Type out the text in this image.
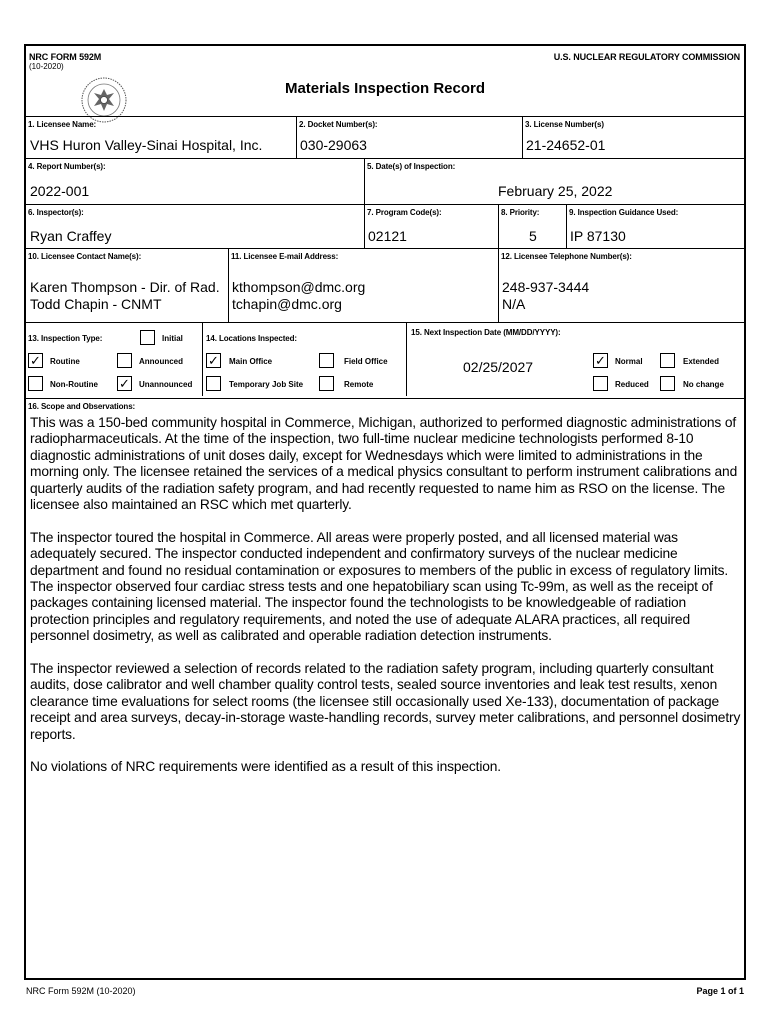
NRC FORM 592M
(10-2020)
U.S. NUCLEAR REGULATORY COMMISSION
Materials Inspection Record
1. Licensee Name:
VHS Huron Valley-Sinai Hospital, Inc.
2. Docket Number(s):
030-29063
3. License Number(s)
21-24652-01
4. Report Number(s):
2022-001
5. Date(s) of Inspection:
February 25, 2022
6. Inspector(s):
Ryan Craffey
7. Program Code(s):
02121
8. Priority:
5
9. Inspection Guidance Used:
IP 87130
10. Licensee Contact Name(s):
Karen Thompson - Dir. of Rad.
Todd Chapin - CNMT
11. Licensee E-mail Address:
kthompson@dmc.org
tchapin@dmc.org
12. Licensee Telephone Number(s):
248-937-3444
N/A
13. Inspection Type:	Initial
✓ Routine	Announced
Non-Routine ✓ Unannounced
14. Locations Inspected:
✓ Main Office	Field Office
Temporary Job Site	Remote
15. Next Inspection Date (MM/DD/YYYY):
02/25/2027	✓ Normal	Extended
Reduced	No change
16. Scope and Observations:

This was a 150-bed community hospital in Commerce, Michigan, authorized to performed diagnostic administrations of radiopharmaceuticals. At the time of the inspection, two full-time nuclear medicine technologists performed 8-10 diagnostic administrations of unit doses daily, except for Wednesdays which were limited to administrations in the morning only. The licensee retained the services of a medical physics consultant to perform instrument calibrations and quarterly audits of the radiation safety program, and had recently requested to name him as RSO on the license. The licensee also maintained an RSC which met quarterly.

The inspector toured the hospital in Commerce. All areas were properly posted, and all licensed material was adequately secured. The inspector conducted independent and confirmatory surveys of the nuclear medicine department and found no residual contamination or exposures to members of the public in excess of regulatory limits. The inspector observed four cardiac stress tests and one hepatobiliary scan using Tc-99m, as well as the receipt of packages containing licensed material. The inspector found the technologists to be knowledgeable of radiation protection principles and regulatory requirements, and noted the use of adequate ALARA practices, all required personnel dosimetry, as well as calibrated and operable radiation detection instruments.

The inspector reviewed a selection of records related to the radiation safety program, including quarterly consultant audits, dose calibrator and well chamber quality control tests, sealed source inventories and leak test results, xenon clearance time evaluations for select rooms (the licensee still occasionally used Xe-133), documentation of package receipt and area surveys, decay-in-storage waste-handling records, survey meter calibrations, and personnel dosimetry reports.

No violations of NRC requirements were identified as a result of this inspection.

NRC Form 592M (10-2020)	Page 1 of 1
